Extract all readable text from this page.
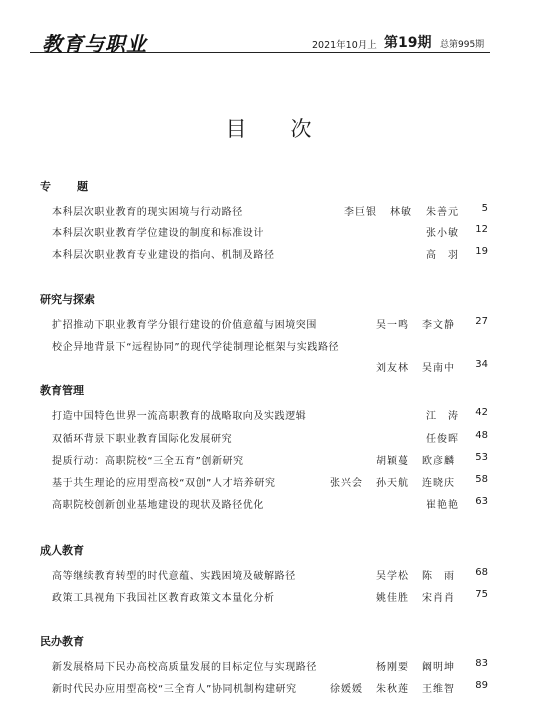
教育与职业	2021年10月上 第19期 总第995期
目次
专题
本科层次职业教育的现实困境与行动路径	李巨银 林敏 朱善元	5
本科层次职业教育学位建设的制度和标准设计	张小敏	12
本科层次职业教育专业建设的指向、机制及路径	高羽 19
研究与探索
扩招推动下职业教育学分银行建设的价值意蕴与困境突围	吴一鸣 李文静	27
校企异地背景下“远程协同”的现代学徒制理论框架与实践路径
刘友林 吴南中	34
教育管理
打造中国特色世界一流高职教育的战略取向及实践逻辑	江涛 42
双循环背景下职业教育国际化发展研究	任俊晖	48
提质行动：高职院校“三全五育”创新研究	胡颖蔓 欧彦麟	53
基于共生理论的应用型高校“双创”人才培养研究	张兴会 孙天航 连晓庆	58
高职院校创新创业基地建设的现状及路径优化	崔艳艳	63
成人教育
高等继续教育转型的时代意蕴、实践困境及破解路径	吴学松 陈雨 68
政策工具视角下我国社区教育政策文本量化分析	姚佳胜 宋肖肖	75
民办教育
新发展格局下民办高校高质量发展的目标定位与实现路径	杨刚要 阚明坤	83
新时代民办应用型高校“三全育人”协同机制构建研究	徐媛媛 朱秋莲 王维智	89
